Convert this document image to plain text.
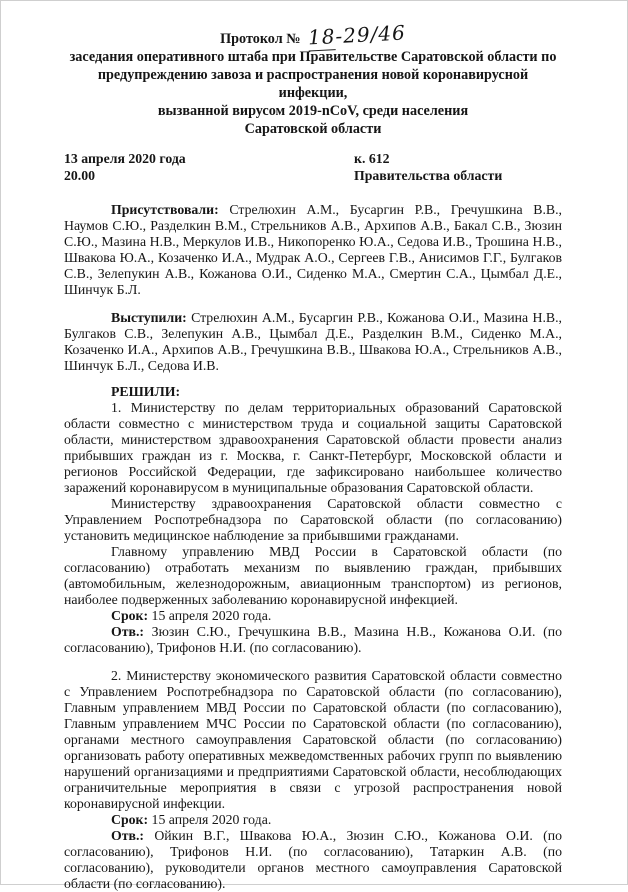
Протокол № 18-29/46
заседания оперативного штаба при Правительстве Саратовской области по
предупреждению завоза и распространения новой коронавирусной инфекции,
вызванной вирусом 2019-nCoV, среди населения
Саратовской области
13 апреля 2020 года
20.00
к. 612
Правительства области

Присутствовали: Стрелюхин А.М., Бусаргин Р.В., Гречушкина В.В., Наумов С.Ю., Разделкин В.М., Стрельников А.В., Архипов А.В., Бакал С.В., Зюзин С.Ю., Мазина Н.В., Меркулов И.В., Никопоренко Ю.А., Седова И.В., Трошина Н.В., Швакова Ю.А., Козаченко И.А., Мудрак А.О., Сергеев Г.В., Анисимов Г.Г., Булгаков С.В., Зелепукин А.В., Кожанова О.И., Сиденко М.А., Смертин С.А., Цымбал Д.Е., Шинчук Б.Л.

Выступили: Стрелюхин А.М., Бусаргин Р.В., Кожанова О.И., Мазина Н.В., Булгаков С.В., Зелепукин А.В., Цымбал Д.Е., Разделкин В.М., Сиденко М.А., Козаченко И.А., Архипов А.В., Гречушкина В.В., Швакова Ю.А., Стрельников А.В., Шинчук Б.Л., Седова И.В.

РЕШИЛИ:

1. Министерству по делам территориальных образований Саратовской области совместно с министерством труда и социальной защиты Саратовской области, министерством здравоохранения Саратовской области провести анализ прибывших граждан из г. Москва, г. Санкт-Петербург, Московской области и регионов Российской Федерации, где зафиксировано наибольшее количество заражений коронавирусом в муниципальные образования Саратовской области.

Министерству здравоохранения Саратовской области совместно с Управлением Роспотребнадзора по Саратовской области (по согласованию) установить медицинское наблюдение за прибывшими гражданами.

Главному управлению МВД России в Саратовской области (по согласованию) отработать механизм по выявлению граждан, прибывших (автомобильным, железнодорожным, авиационным транспортом) из регионов, наиболее подверженных заболеванию коронавирусной инфекцией.

Срок: 15 апреля 2020 года.

Отв.: Зюзин С.Ю., Гречушкина В.В., Мазина Н.В., Кожанова О.И. (по согласованию), Трифонов Н.И. (по согласованию).

2. Министерству экономического развития Саратовской области совместно с Управлением Роспотребнадзора по Саратовской области (по согласованию), Главным управлением МВД России по Саратовской области (по согласованию), Главным управлением МЧС России по Саратовской области (по согласованию), органами местного самоуправления Саратовской области (по согласованию) организовать работу оперативных межведомственных рабочих групп по выявлению нарушений организациями и предприятиями Саратовской области, несоблюдающих ограничительные мероприятия в связи с угрозой распространения новой коронавирусной инфекции.

Срок: 15 апреля 2020 года.

Отв.: Ойкин В.Г., Швакова Ю.А., Зюзин С.Ю., Кожанова О.И. (по согласованию), Трифонов Н.И. (по согласованию), Татаркин А.В. (по согласованию), руководители органов местного самоуправления Саратовской области (по согласованию).
